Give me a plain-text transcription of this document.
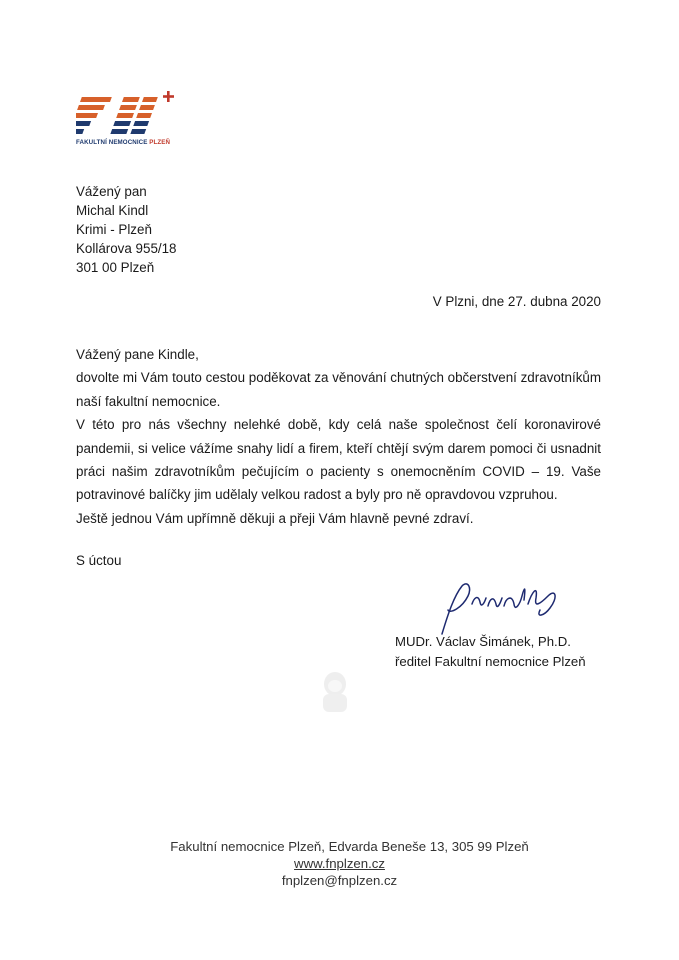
FAKULTNÍ NEMOCNICE PLZEŇ
Vážený pan
Michal Kindl
Krimi - Plzeň
Kollárova 955/18
301 00 Plzeň
V Plzni, dne 27. dubna 2020

Vážený pane Kindle,

dovolte mi Vám touto cestou poděkovat za věnování chutných občerstvení zdravotníkům naší fakultní nemocnice.

V této pro nás všechny nelehké době, kdy celá naše společnost čelí koronavirové pandemii, si velice vážíme snahy lidí a firem, kteří chtějí svým darem pomoci či usnadnit práci našim zdravotníkům pečujícím o pacienty s onemocněním COVID – 19. Vaše potravinové balíčky jim udělaly velkou radost a byly pro ně opravdovou vzpruhou.

Ještě jednou Vám upřímně děkuji a přeji Vám hlavně pevné zdraví.

S úctou
MUDr. Václav Šimánek, Ph.D.
ředitel Fakultní nemocnice Plzeň
Fakultní nemocnice Plzeň, Edvarda Beneše 13, 305 99 Plzeň
www.fnplzen.cz
fnplzen@fnplzen.cz
